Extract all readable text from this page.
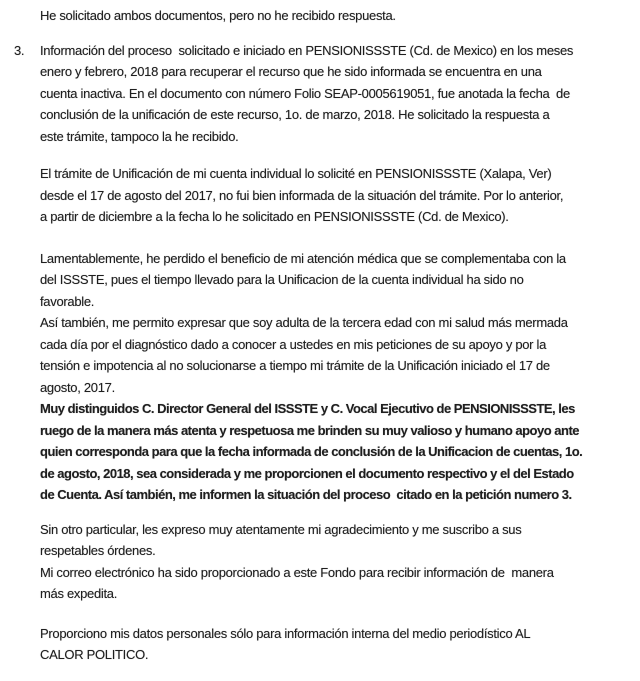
He solicitado ambos documentos, pero no he recibido respuesta.
3. Información del proceso  solicitado e iniciado en PENSIONISSSTE (Cd. de Mexico) en los meses
enero y febrero, 2018 para recuperar el recurso que he sido informada se encuentra en una
cuenta inactiva. En el documento con número Folio SEAP-0005619051, fue anotada la fecha  de
conclusión de la unificación de este recurso, 1o. de marzo, 2018. He solicitado la respuesta a
este trámite, tampoco la he recibido.
El trámite de Unificación de mi cuenta individual lo solicité en PENSIONISSSTE (Xalapa, Ver)
desde el 17 de agosto del 2017, no fui bien informada de la situación del trámite. Por lo anterior,
a partir de diciembre a la fecha lo he solicitado en PENSIONISSSTE (Cd. de Mexico).
Lamentablemente, he perdido el beneficio de mi atención médica que se complementaba con la
del ISSSTE, pues el tiempo llevado para la Unificacion de la cuenta individual ha sido no
favorable.
Así también, me permito expresar que soy adulta de la tercera edad con mi salud más mermada
cada día por el diagnóstico dado a conocer a ustedes en mis peticiones de su apoyo y por la
tensión e impotencia al no solucionarse a tiempo mi trámite de la Unificación iniciado el 17 de
agosto, 2017.
Muy distinguidos C. Director General del ISSSTE y C. Vocal Ejecutivo de PENSIONISSSTE, les
ruego de la manera más atenta y respetuosa me brinden su muy valioso y humano apoyo ante
quien corresponda para que la fecha informada de conclusión de la Unificacion de cuentas, 1o.
de agosto, 2018, sea considerada y me proporcionen el documento respectivo y el del Estado
de Cuenta. Así también, me informen la situación del proceso  citado en la petición numero 3.
Sin otro particular, les expreso muy atentamente mi agradecimiento y me suscribo a sus
respetables órdenes.
Mi correo electrónico ha sido proporcionado a este Fondo para recibir información de  manera
más expedita.
Proporciono mis datos personales sólo para información interna del medio periodístico AL
CALOR POLITICO.
